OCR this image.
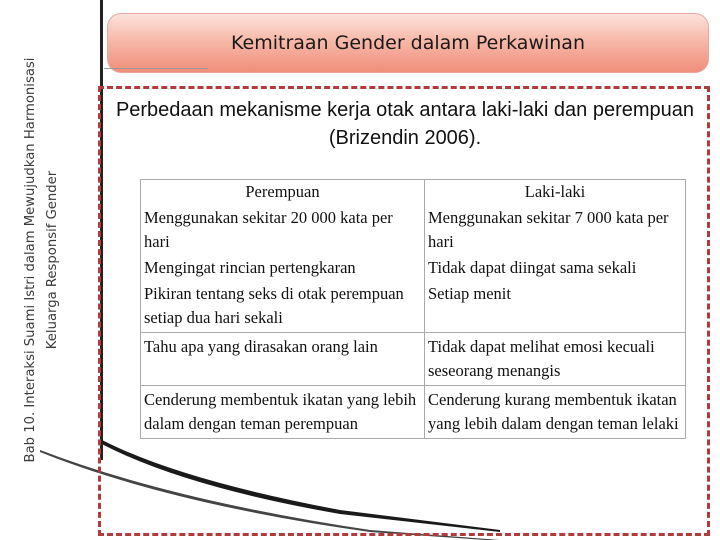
Bab 10. Interaksi Suami Istri dalam Mewujudkan Harmonisasi Keluarga Responsif Gender
Kemitraan Gender dalam Perkawinan
Perbedaan mekanisme kerja otak antara laki-laki dan perempuan (Brizendin 2006).
Perempuan	Laki-laki
Menggunakan sekitar 20 000 kata per hari	Menggunakan sekitar 7 000 kata per hari
Mengingat rincian pertengkaran	Tidak dapat diingat sama sekali
Pikiran tentang seks di otak perempuan setiap dua hari sekali	Setiap menit
Tahu apa yang dirasakan orang lain	Tidak dapat melihat emosi kecuali seseorang menangis
Cenderung membentuk ikatan yang lebih dalam dengan teman perempuan	Cenderung kurang membentuk ikatan yang lebih dalam dengan teman lelaki
